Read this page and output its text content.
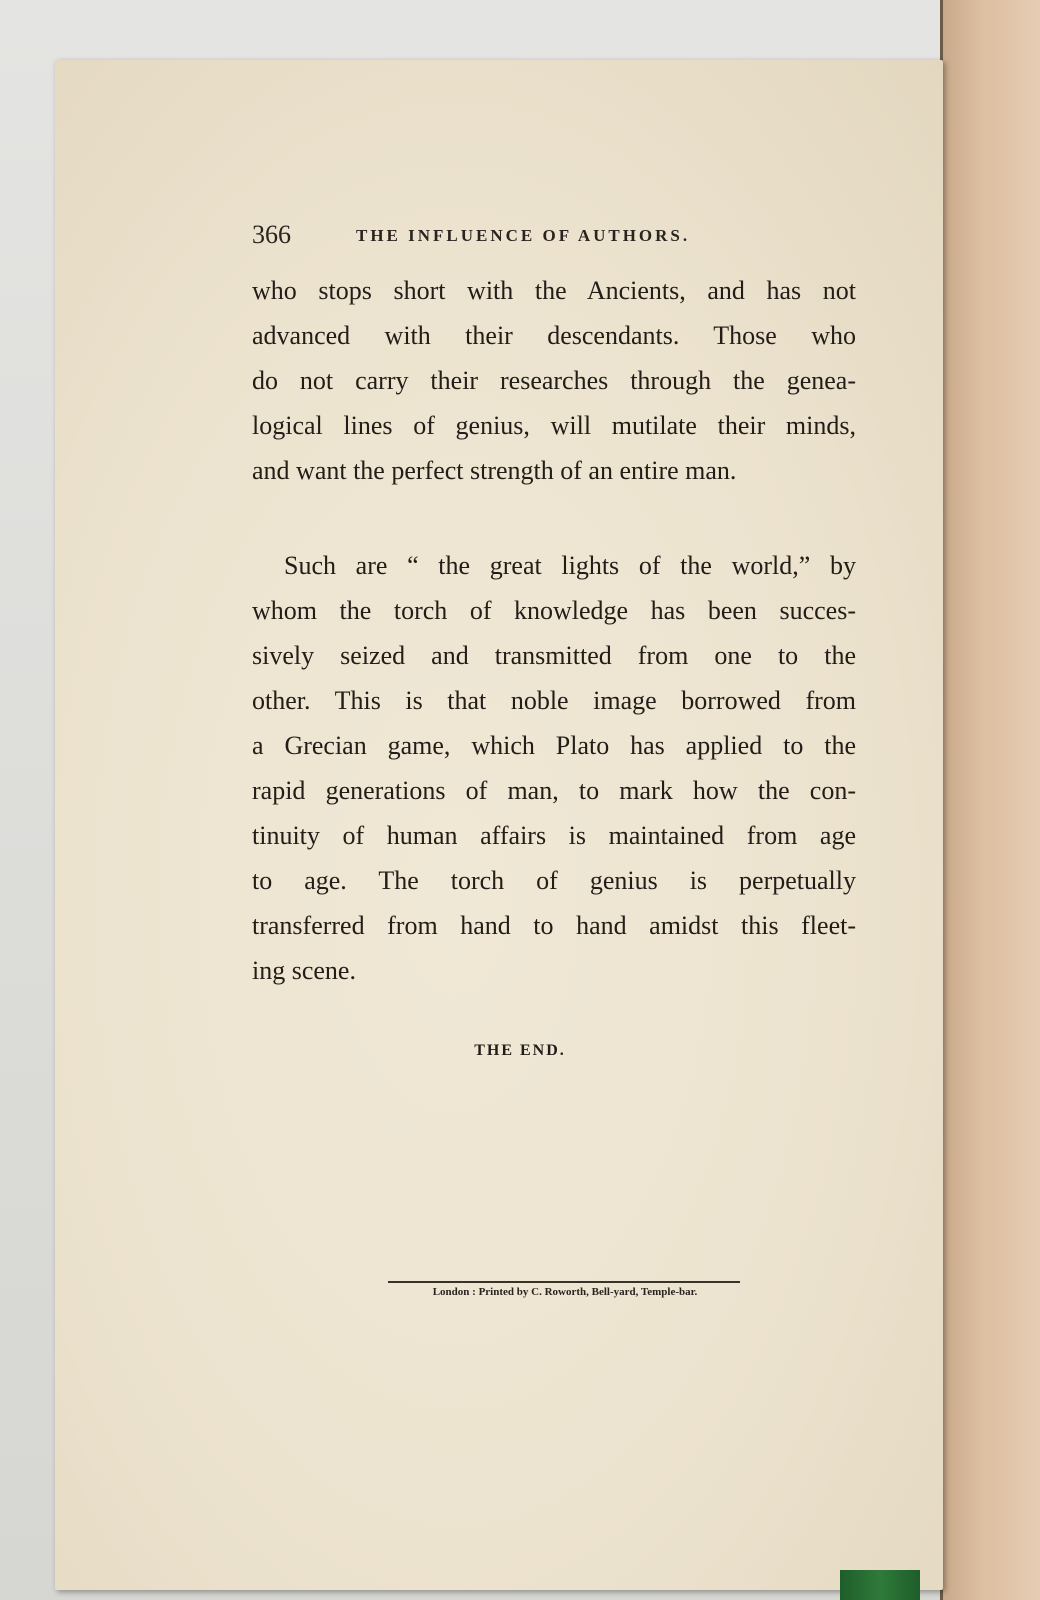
366	THE INFLUENCE OF AUTHORS.
who stops short with the Ancients, and has not
advanced with their descendants. Those who
do not carry their researches through the genea-
logical lines of genius, will mutilate their minds,
and want the perfect strength of an entire man.
Such are “ the great lights of the world,” by
whom the torch of knowledge has been succes-
sively seized and transmitted from one to the
other. This is that noble image borrowed from
a Grecian game, which Plato has applied to the
rapid generations of man, to mark how the con-
tinuity of human affairs is maintained from age
to age. The torch of genius is perpetually
transferred from hand to hand amidst this fleet-
ing scene.
THE END.
London : Printed by C. Roworth, Bell-yard, Temple-bar.
